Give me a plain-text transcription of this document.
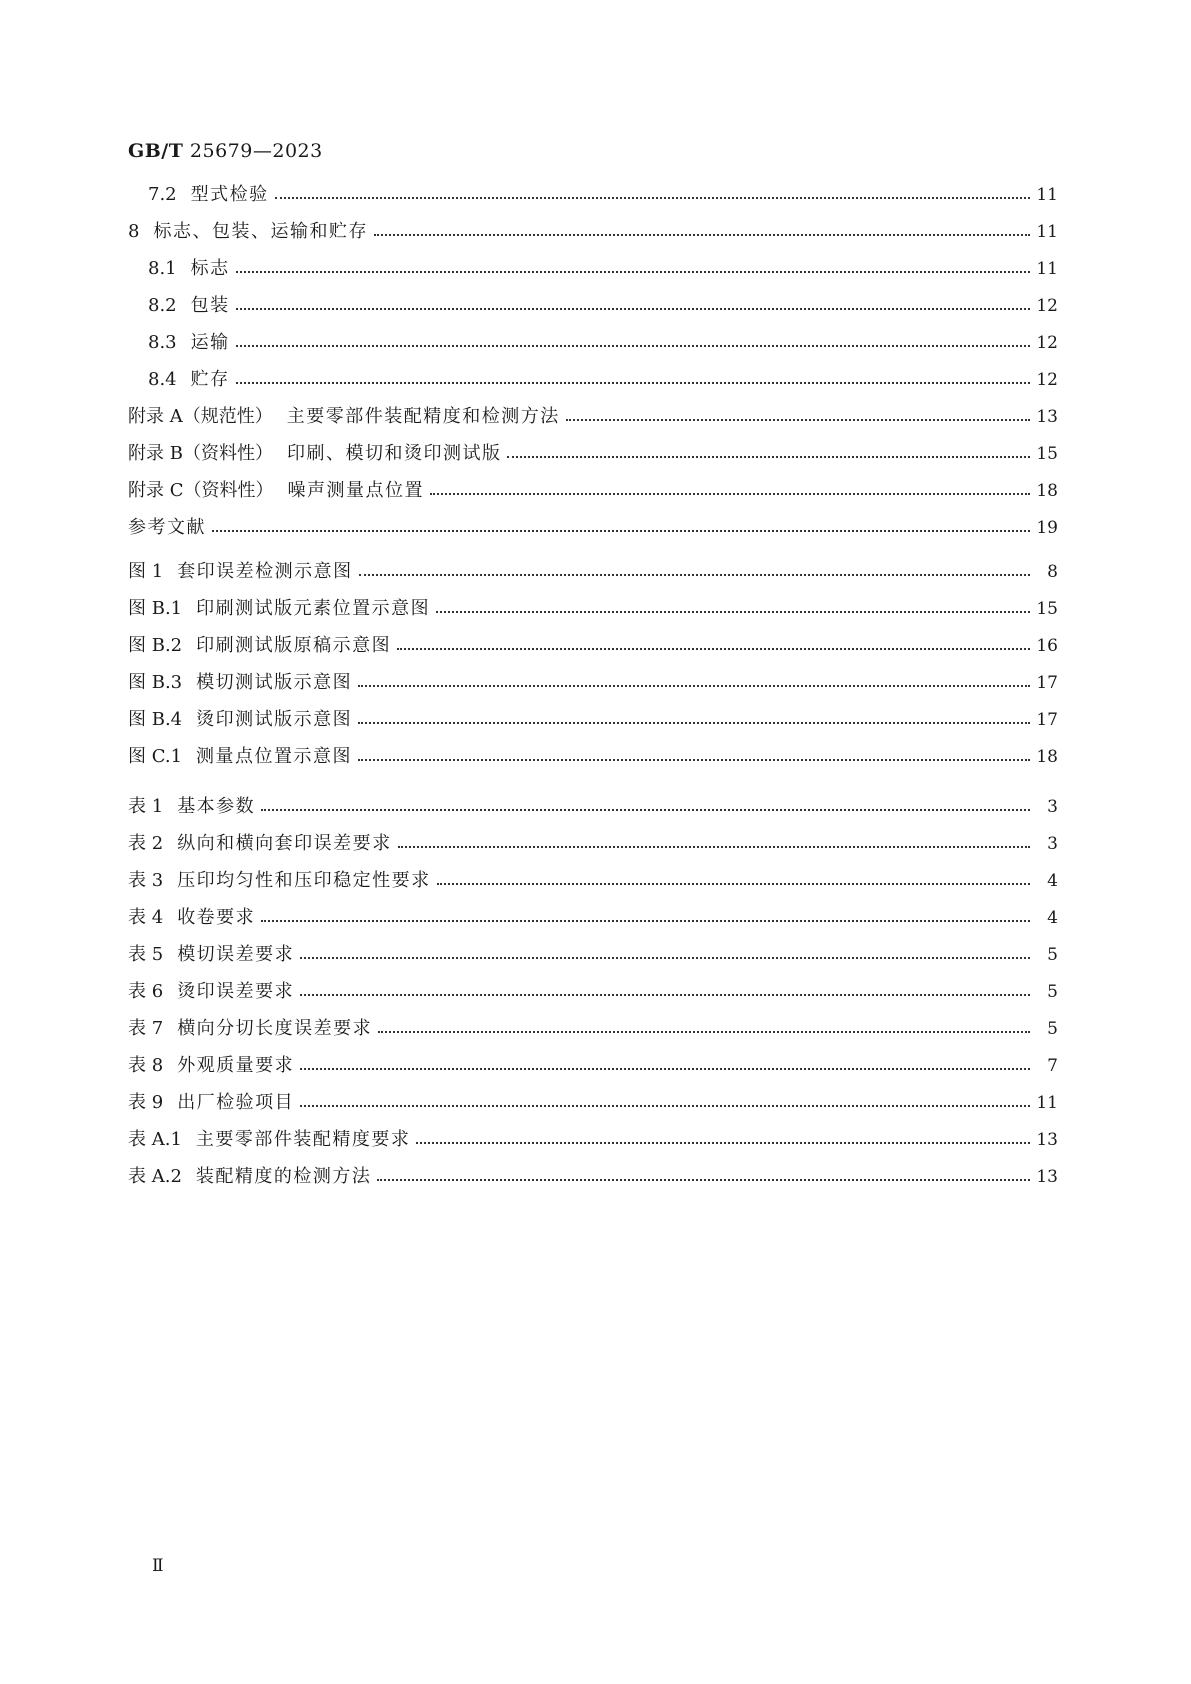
GB/T 25679—2023
7.2 型式检验	11
8 标志、包装、运输和贮存	11
8.1 标志	11
8.2 包装	12
8.3 运输	12
8.4 贮存	12
附录 A（规范性） 主要零部件装配精度和检测方法	13
附录 B（资料性） 印刷、模切和烫印测试版	15
附录 C（资料性） 噪声测量点位置	18
参考文献	19
图 1 套印误差检测示意图	8
图 B.1 印刷测试版元素位置示意图	15
图 B.2 印刷测试版原稿示意图	16
图 B.3 模切测试版示意图	17
图 B.4 烫印测试版示意图	17
图 C.1 测量点位置示意图	18
表 1 基本参数	3
表 2 纵向和横向套印误差要求	3
表 3 压印均匀性和压印稳定性要求	4
表 4 收卷要求	4
表 5 模切误差要求	5
表 6 烫印误差要求	5
表 7 横向分切长度误差要求	5
表 8 外观质量要求	7
表 9 出厂检验项目	11
表 A.1 主要零部件装配精度要求	13
表 A.2 装配精度的检测方法	13
Ⅱ
